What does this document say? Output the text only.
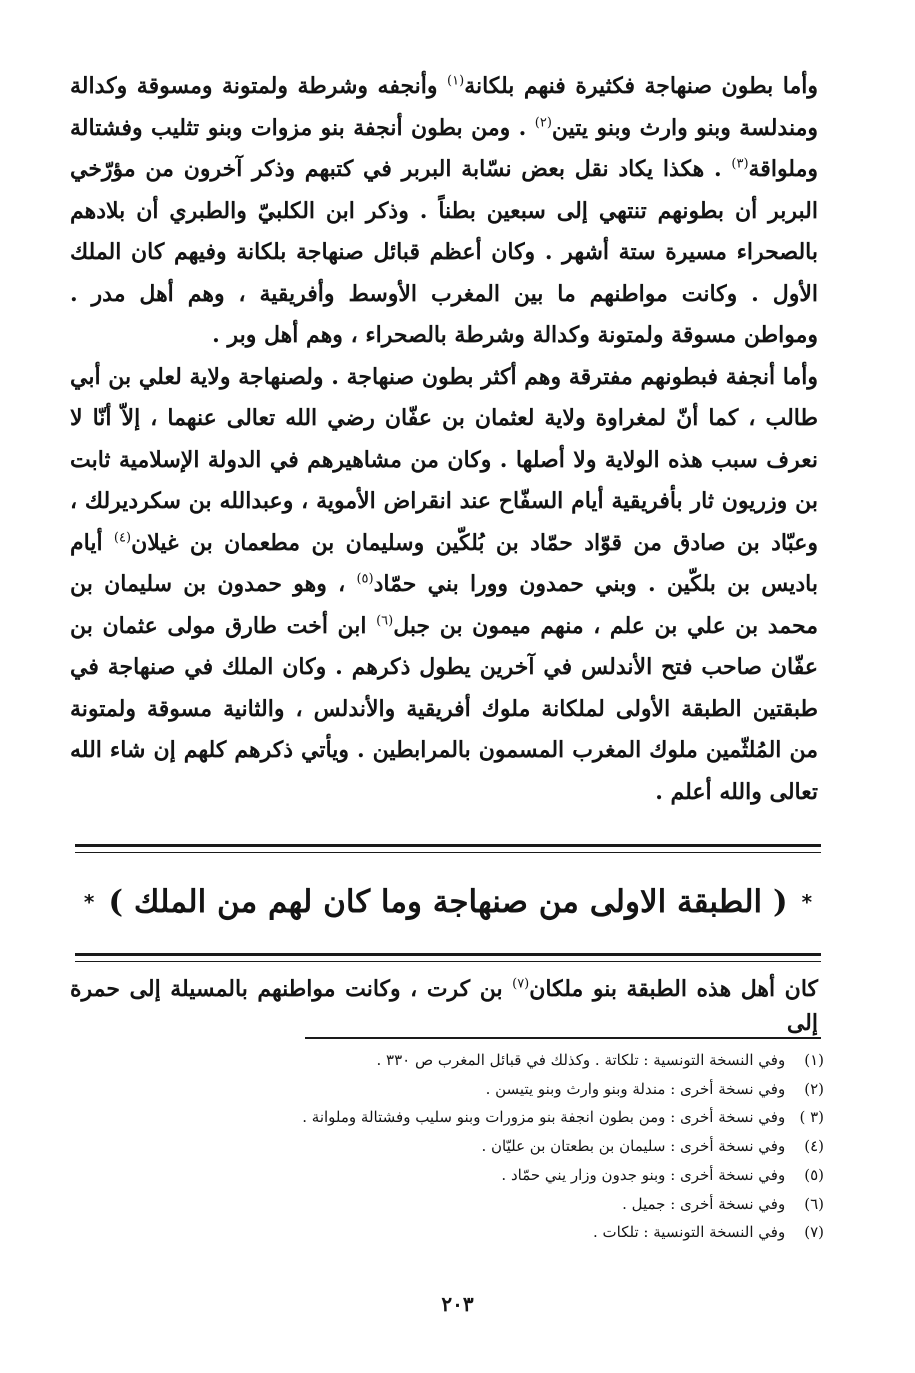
وأما بطون صنهاجة فكثيرة فنهم بلكانة$^{(١)}$ وأنجفه وشرطة ولمتونة ومسوقة وكدالة ومندلسة وبنو وارث وبنو يتين$^{(٢)}$ . ومن بطون أنجفة بنو مزوات وبنو تثليب وفشتالة وملواقة$^{(٣)}$ . هكذا يكاد نقل بعض نسّابة البربر في كتبهم وذكر آخرون من مؤرّخي البربر أن بطونهم تنتهي إلى سبعين بطناً . وذكر ابن الكلبيّ والطبري أن بلادهم بالصحراء مسيرة ستة أشهر . وكان أعظم قبائل صنهاجة بلكانة وفيهم كان الملك الأول . وكانت مواطنهم ما بين المغرب الأوسط وأفريقية ، وهم أهل مدر . ومواطن مسوقة ولمتونة وكدالة وشرطة بالصحراء ، وهم أهل وبر .

وأما أنجفة فبطونهم مفترقة وهم أكثر بطون صنهاجة . ولصنهاجة ولاية لعلي بن أبي طالب ، كما أنّ لمغراوة ولاية لعثمان بن عفّان رضي الله تعالى عنهما ، إلاّ أنّا لا نعرف سبب هذه الولاية ولا أصلها . وكان من مشاهيرهم في الدولة الإسلامية ثابت بن وزريون ثار بأفريقية أيام السفّاح عند انقراض الأموية ، وعبدالله بن سكرديرلك ، وعبّاد بن صادق من قوّاد حمّاد بن بُلكّين وسليمان بن مطعمان بن غيلان$^{(٤)}$ أيام باديس بن بلكّين . وبني حمدون وورا بني حمّاد$^{(٥)}$ ، وهو حمدون بن سليمان بن محمد بن علي بن علم ، منهم ميمون بن جبل$^{(٦)}$ ابن أخت طارق مولى عثمان بن عفّان صاحب فتح الأندلس في آخرين يطول ذكرهم . وكان الملك في صنهاجة في طبقتين الطبقة الأولى لملكانة ملوك أفريقية والأندلس ، والثانية مسوقة ولمتونة من المُلثّمين ملوك المغرب المسمون بالمرابطين . ويأتي ذكرهم كلهم إن شاء الله تعالى والله أعلم .

*
( الطبقة الاولى من صنهاجة وما كان لهم من الملك )
*
كان أهل هذه الطبقة بنو ملكان$^{(٧)}$ بن كرت ، وكانت مواطنهم بالمسيلة إلى حمرة إلى
(١) وفي النسخة التونسية : تلكاتة . وكذلك في قبائل المغرب ص ٣٣٠ .
(٢) وفي نسخة أخرى : مندلة وبنو وارث وبنو يتيسن .
(٣ ) وفي نسخة أخرى : ومن بطون انجفة بنو مزورات وبنو سليب وفشتالة وملوانة .
(٤) وفي نسخة أخرى : سليمان بن بطعتان بن عليّان .
(٥) وفي نسخة أخرى : وبنو جدون وزار يني حمّاد .
(٦) وفي نسخة أخرى : جميل .
(٧) وفي النسخة التونسية : تلكات .
٢٠٣
